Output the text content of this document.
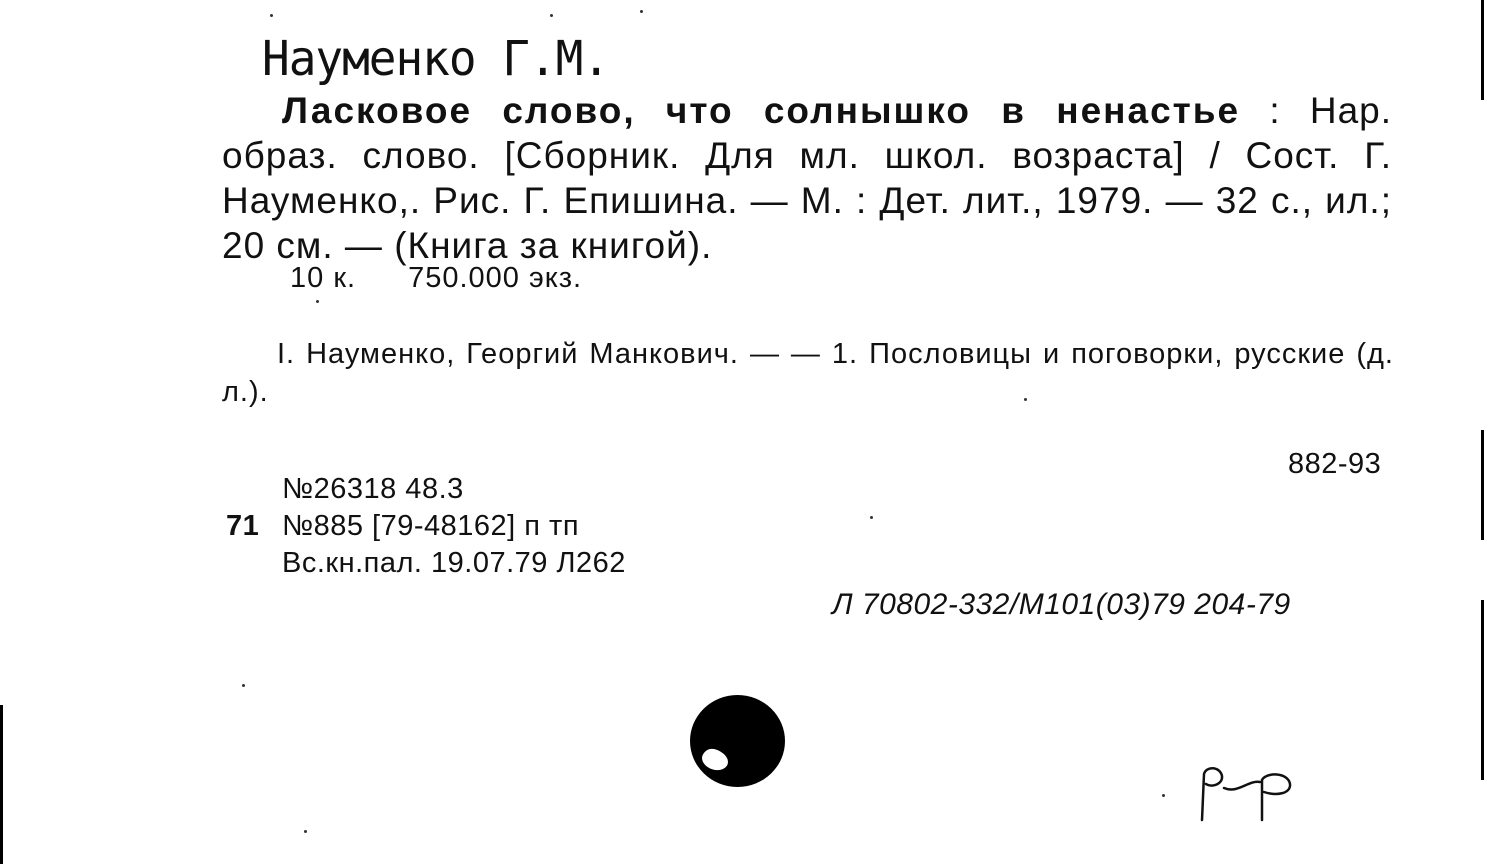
Науменко Г.М.
Ласковое слово, что солнышко в ненастье : Нар. образ. слово. [Сборник. Для мл. школ. возраста] / Сост. Г. Науменко,. Рис. Г. Епишина. — М. : Дет. лит., 1979. — 32 с., ил.; 20 см. — (Книга за книгой).
10 к. 750.000 экз.
I. Науменко, Георгий Манкович. — — 1. Пословицы и поговорки, русские (д. л.).
882-93
№26318 48.3
71 №885 [79-48162] п тп
Вс.кн.пал. 19.07.79 Л262
Л 70802-332/М101(03)79 204-79
